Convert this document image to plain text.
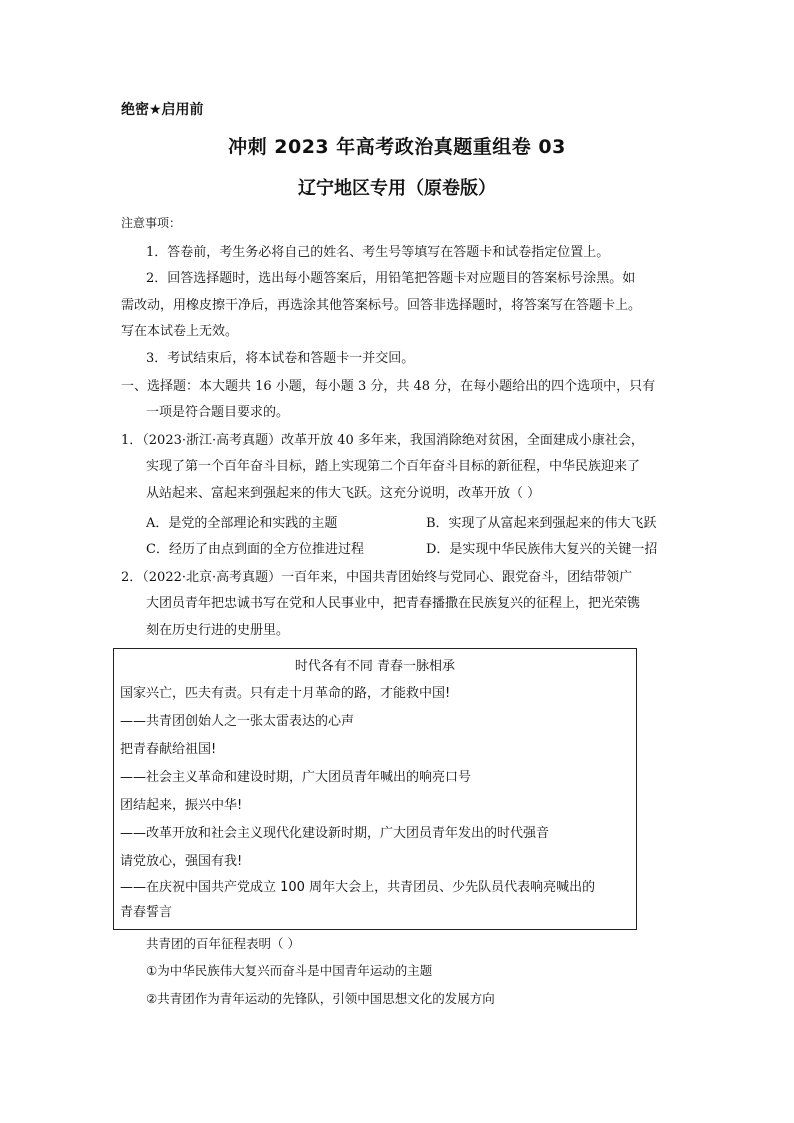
绝密★启用前
冲刺 2023 年高考政治真题重组卷 03
辽宁地区专用（原卷版）
注意事项：
1．答卷前，考生务必将自己的姓名、考生号等填写在答题卡和试卷指定位置上。
2．回答选择题时，选出每小题答案后，用铅笔把答题卡对应题目的答案标号涂黑。如
需改动，用橡皮擦干净后，再选涂其他答案标号。回答非选择题时，将答案写在答题卡上。
写在本试卷上无效。
3．考试结束后，将本试卷和答题卡一并交回。
一、选择题：本大题共 16 小题，每小题 3 分，共 48 分，在每小题给出的四个选项中，只有
一项是符合题目要求的。
1．（2023·浙江·高考真题）改革开放 40 多年来，我国消除绝对贫困，全面建成小康社会，
实现了第一个百年奋斗目标，踏上实现第二个百年奋斗目标的新征程，中华民族迎来了
从站起来、富起来到强起来的伟大飞跃。这充分说明，改革开放（ ）
A．是党的全部理论和实践的主题	B．实现了从富起来到强起来的伟大飞跃
C．经历了由点到面的全方位推进过程	D．是实现中华民族伟大复兴的关键一招
2．（2022·北京·高考真题）一百年来，中国共青团始终与党同心、跟党奋斗，团结带领广
大团员青年把忠诚书写在党和人民事业中，把青春播撒在民族复兴的征程上，把光荣镌
刻在历史行进的史册里。
时代各有不同 青春一脉相承
国家兴亡，匹夫有责。只有走十月革命的路，才能救中国!
——共青团创始人之一张太雷表达的心声
把青春献给祖国!
——社会主义革命和建设时期，广大团员青年喊出的响亮口号
团结起来，振兴中华!
——改革开放和社会主义现代化建设新时期，广大团员青年发出的时代强音
请党放心，强国有我!
——在庆祝中国共产党成立 100 周年大会上，共青团员、少先队员代表响亮喊出的
青春誓言
共青团的百年征程表明（ ）
①为中华民族伟大复兴而奋斗是中国青年运动的主题
②共青团作为青年运动的先锋队，引领中国思想文化的发展方向
